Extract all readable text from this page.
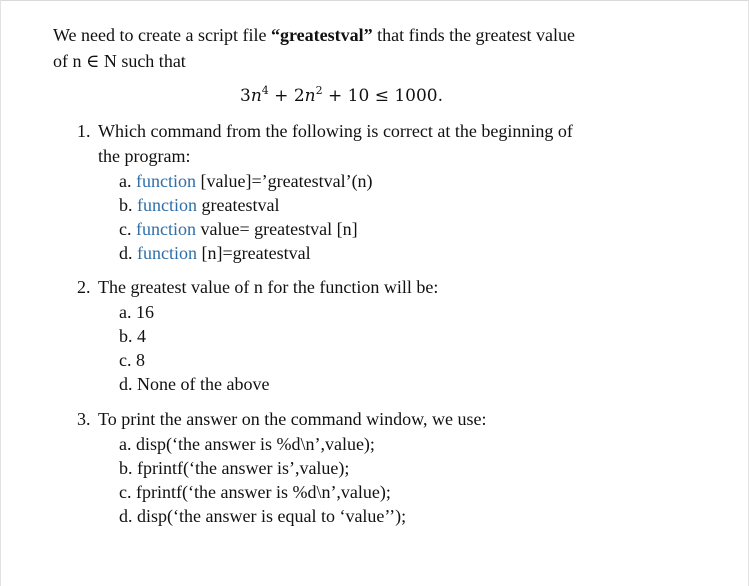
We need to create a script file “greatestval” that finds the greatest value
of n ∈ N such that
$3n^4 + 2n^2 + 10 \le 1000$.
1. Which command from the following is correct at the beginning of
the program:
a. function [value]=’greatestval’(n)
b. function greatestval
c. function value= greatestval [n]
d. function [n]=greatestval
2. The greatest value of n for the function will be:
a. 16
b. 4
c. 8
d. None of the above
3. To print the answer on the command window, we use:
a. disp(‘the answer is %d\n’,value);
b. fprintf(‘the answer is’,value);
c. fprintf(‘the answer is %d\n’,value);
d. disp(‘the answer is equal to ‘value’’);
